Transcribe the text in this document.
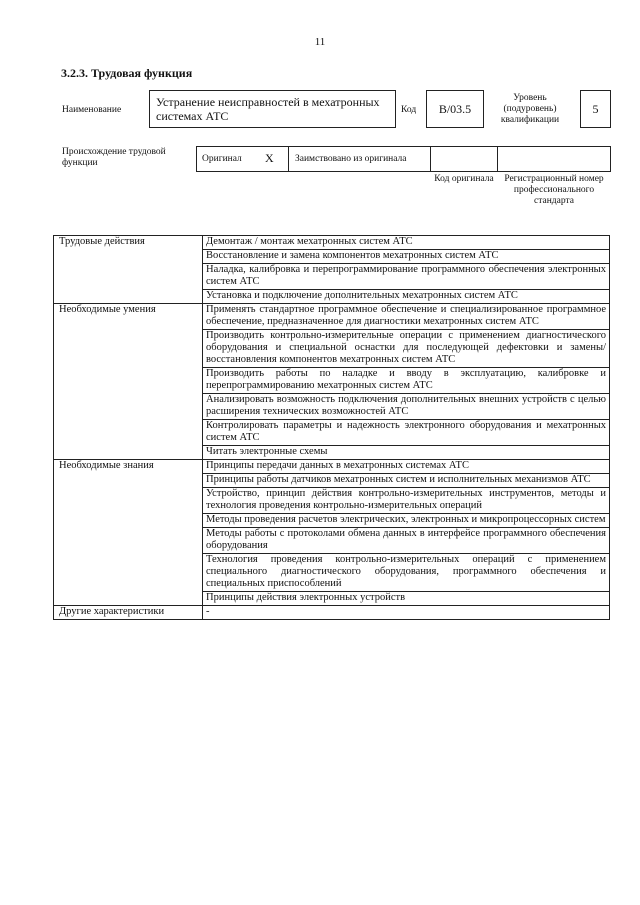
11
3.2.3. Трудовая функция
Наименование
Устранение неисправностей в мехатронных системах АТС	Код	B/03.5
Уровень (подуровень) квалификации
5
Происхождение трудовой функции	Оригинал X	Заимствовано из оригинала
Код оригинала	Регистрационный номер профессионального стандарта
Трудовые действия	Демонтаж / монтаж мехатронных систем АТС
	Восстановление и замена компонентов мехатронных систем АТС
	Наладка, калибровка и перепрограммирование программного обеспечения электронных систем АТС
	Установка и подключение дополнительных мехатронных систем АТС
Необходимые умения	Применять стандартное программное обеспечение и специализированное программное обеспечение, предназначенное для диагностики мехатронных систем АТС
	Производить контрольно-измерительные операции с применением диагностического оборудования и специальной оснастки для последующей дефектовки и замены/восстановления компонентов мехатронных систем АТС
	Производить работы по наладке и вводу в эксплуатацию, калибровке и перепрограммированию мехатронных систем АТС
	Анализировать возможность подключения дополнительных внешних устройств с целью расширения технических возможностей АТС
	Контролировать параметры и надежность электронного оборудования и мехатронных систем АТС
	Читать электронные схемы
Необходимые знания	Принципы передачи данных в мехатронных системах АТС
	Принципы работы датчиков мехатронных систем и исполнительных механизмов АТС
	Устройство, принцип действия контрольно-измерительных инструментов, методы и технология проведения контрольно-измерительных операций
	Методы проведения расчетов электрических, электронных и микропроцессорных систем
	Методы работы с протоколами обмена данных в интерфейсе программного обеспечения оборудования
	Технология проведения контрольно-измерительных операций с применением специального диагностического оборудования, программного обеспечения и специальных приспособлений
	Принципы действия электронных устройств
Другие характеристики	-
